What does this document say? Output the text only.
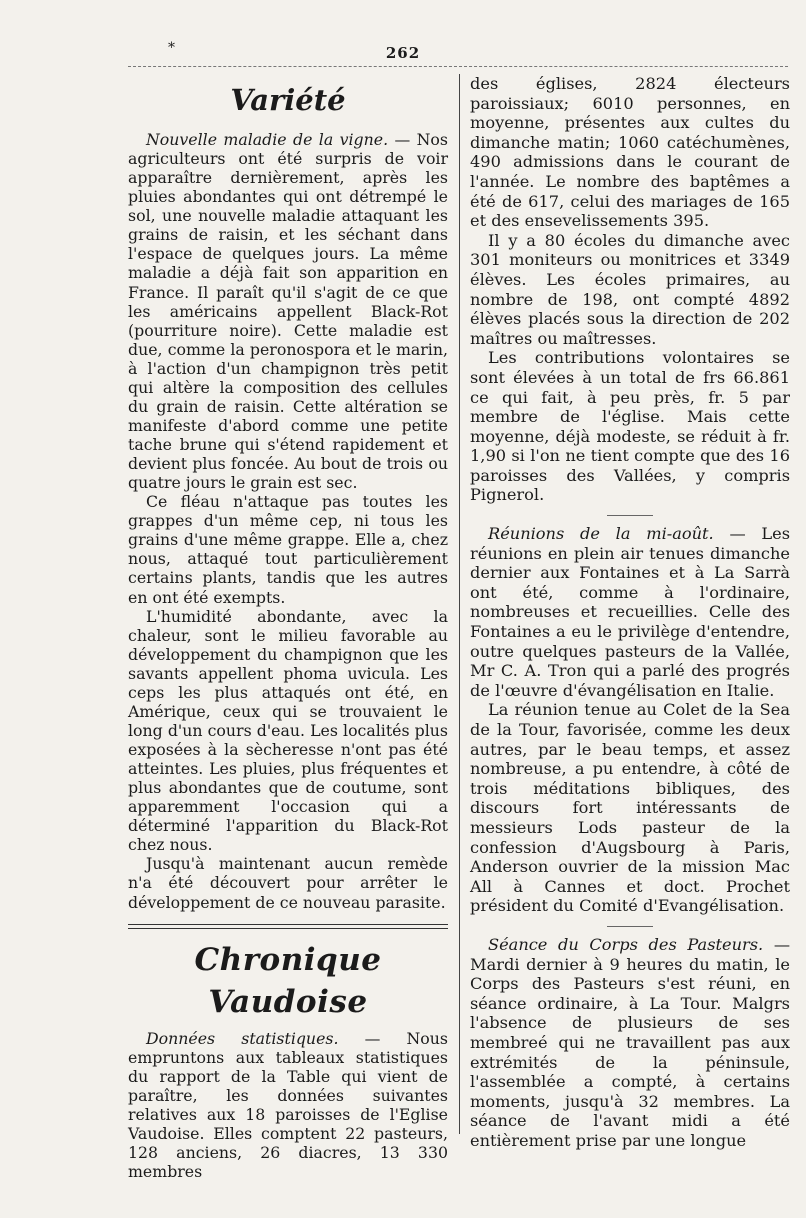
*	262
Variété

Nouvelle maladie de la vigne. — Nos agriculteurs ont été surpris de voir apparaître dernièrement, après les pluies abondantes qui ont détrempé le sol, une nouvelle maladie attaquant les grains de raisin, et les séchant dans l'espace de quelques jours. La même maladie a déjà fait son apparition en France. Il paraît qu'il s'agit de ce que les américains appellent Black-Rot (pourriture noire). Cette maladie est due, comme la peronospora et le marin, à l'action d'un champignon très petit qui altère la composition des cellules du grain de raisin. Cette altération se manifeste d'abord comme une petite tache brune qui s'étend rapidement et devient plus foncée. Au bout de trois ou quatre jours le grain est sec.

Ce fléau n'attaque pas toutes les grappes d'un même cep, ni tous les grains d'une même grappe. Elle a, chez nous, attaqué tout particulièrement certains plants, tandis que les autres en ont été exempts.

L'humidité abondante, avec la chaleur, sont le milieu favorable au développement du champignon que les savants appellent phoma uvicula. Les ceps les plus attaqués ont été, en Amérique, ceux qui se trouvaient le long d'un cours d'eau. Les localités plus exposées à la sècheresse n'ont pas été atteintes. Les pluies, plus fréquentes et plus abondantes que de coutume, sont apparemment l'occasion qui a déterminé l'apparition du Black-Rot chez nous.

Jusqu'à maintenant aucun remède n'a été découvert pour arrêter le développement de ce nouveau parasite.

Chronique Vaudoise

Données statistiques. — Nous empruntons aux tableaux statistiques du rapport de la Table qui vient de paraître, les données suivantes relatives aux 18 paroisses de l'Eglise Vaudoise. Elles comptent 22 pasteurs, 128 anciens, 26 diacres, 13 330 membres

des églises, 2824 électeurs paroissiaux; 6010 personnes, en moyenne, présentes aux cultes du dimanche matin; 1060 catéchumènes, 490 admissions dans le courant de l'année. Le nombre des baptêmes a été de 617, celui des mariages de 165 et des ensevelissements 395.

Il y a 80 écoles du dimanche avec 301 moniteurs ou monitrices et 3349 élèves. Les écoles primaires, au nombre de 198, ont compté 4892 élèves placés sous la direction de 202 maîtres ou maîtresses.

Les contributions volontaires se sont élevées à un total de frs 66.861 ce qui fait, à peu près, fr. 5 par membre de l'église. Mais cette moyenne, déjà modeste, se réduit à fr. 1,90 si l'on ne tient compte que des 16 paroisses des Vallées, y compris Pignerol.

Réunions de la mi-août. — Les réunions en plein air tenues dimanche dernier aux Fontaines et à La Sarrà ont été, comme à l'ordinaire, nombreuses et recueillies. Celle des Fontaines a eu le privilège d'entendre, outre quelques pasteurs de la Vallée, Mr C. A. Tron qui a parlé des progrés de l'œuvre d'évangélisation en Italie.

La réunion tenue au Colet de la Sea de la Tour, favorisée, comme les deux autres, par le beau temps, et assez nombreuse, a pu entendre, à côté de trois méditations bibliques, des discours fort intéressants de messieurs Lods pasteur de la confession d'Augsbourg à Paris, Anderson ouvrier de la mission Mac All à Cannes et doct. Prochet président du Comité d'Evangélisation.

Séance du Corps des Pasteurs. — Mardi dernier à 9 heures du matin, le Corps des Pasteurs s'est réuni, en séance ordinaire, à La Tour. Malgrs l'absence de plusieurs de ses membreé qui ne travaillent pas aux extrémités de la péninsule, l'assemblée a compté, à certains moments, jusqu'à 32 membres. La séance de l'avant midi a été entièrement prise par une longue
